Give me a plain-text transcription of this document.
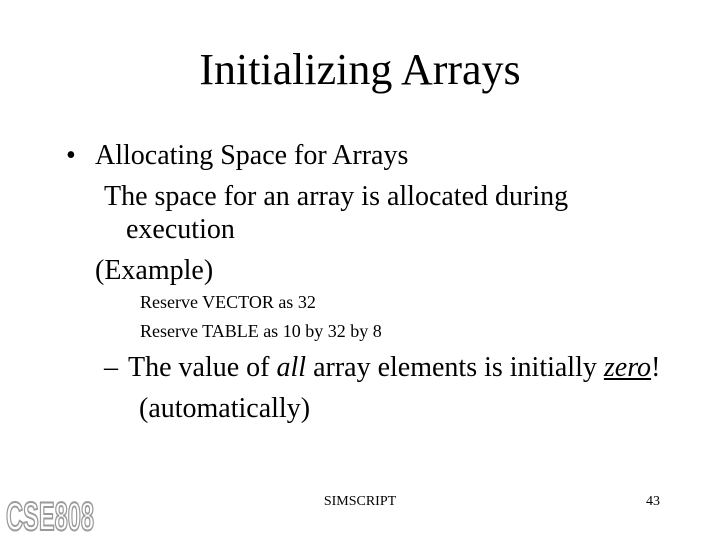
Initializing Arrays
• Allocating Space for Arrays
The space for an array is allocated during
execution
(Example)
Reserve VECTOR as 32
Reserve TABLE as 10 by 32 by 8
– The value of all array elements is initially zero!
(automatically)
CSE808	SIMSCRIPT	43
